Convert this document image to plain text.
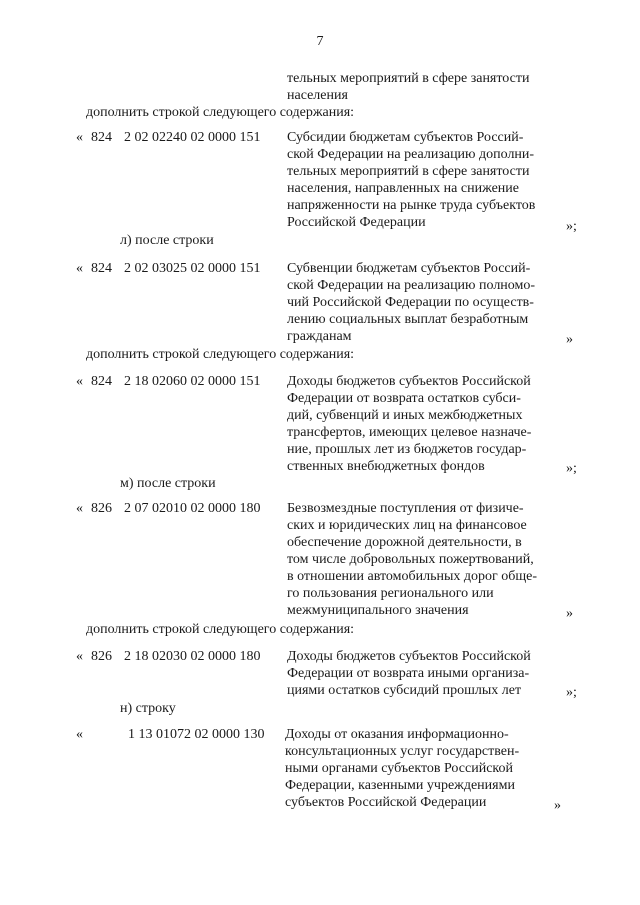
7
тельных мероприятий в сфере занятости
населения
дополнить строкой следующего содержания:
« 824 2 02 02240 02 0000 151 Субсидии бюджетам субъектов Россий-
ской Федерации на реализацию дополни-
тельных мероприятий в сфере занятости
населения, направленных на снижение
напряженности на рынке труда субъектов
Российской Федерации	»;
л) после строки
« 824 2 02 03025 02 0000 151 Субвенции бюджетам субъектов Россий-
ской Федерации на реализацию полномо-
чий Российской Федерации по осуществ-
лению социальных выплат безработным
гражданам	»
дополнить строкой следующего содержания:
« 824 2 18 02060 02 0000 151 Доходы бюджетов субъектов Российской
Федерации от возврата остатков субси-
дий, субвенций и иных межбюджетных
трансфертов, имеющих целевое назначе-
ние, прошлых лет из бюджетов государ-
ственных внебюджетных фондов	»;
м) после строки
« 826 2 07 02010 02 0000 180 Безвозмездные поступления от физиче-
ских и юридических лиц на финансовое
обеспечение дорожной деятельности, в
том числе добровольных пожертвований,
в отношении автомобильных дорог обще-
го пользования регионального или
межмуниципального значения	»
дополнить строкой следующего содержания:
« 826 2 18 02030 02 0000 180 Доходы бюджетов субъектов Российской
Федерации от возврата иными организа-
циями остатков субсидий прошлых лет	»;
н) строку
«	1 13 01072 02 0000 130 Доходы от оказания информационно-
консультационных услуг государствен-
ными органами субъектов Российской
Федерации, казенными учреждениями
субъектов Российской Федерации	»
